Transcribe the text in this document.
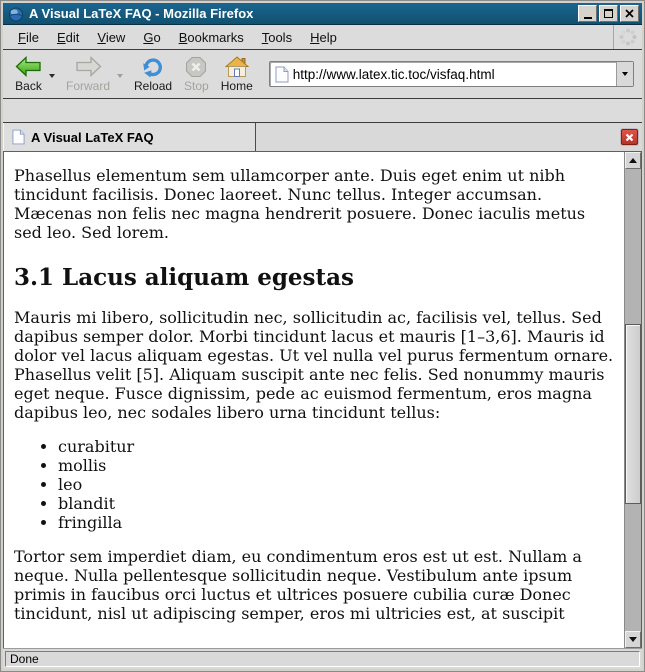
A Visual LaTeX FAQ - Mozilla Firefox
File	Edit	View	Go	Bookmarks	Tools	Help
Back Forward Reload Stop Home
http://www.latex.tic.toc/visfaq.html
A Visual LaTeX FAQ

Phasellus elementum sem ullamcorper ante. Duis eget enim ut nibh tincidunt facilisis. Donec laoreet. Nunc tellus. Integer accumsan. Mæcenas non felis nec magna hendrerit posuere. Donec iaculis metus sed leo. Sed lorem.

3.1 Lacus aliquam egestas

Mauris mi libero, sollicitudin nec, sollicitudin ac, facilisis vel, tellus. Sed dapibus semper dolor. Morbi tincidunt lacus et mauris [1–3,6]. Mauris id dolor vel lacus aliquam egestas. Ut vel nulla vel purus fermentum ornare. Phasellus velit [5]. Aliquam suscipit ante nec felis. Sed nonummy mauris eget neque. Fusce dignissim, pede ac euismod fermentum, eros magna dapibus leo, nec sodales libero urna tincidunt tellus:

• curabitur
• mollis
• leo
• blandit
• fringilla

Tortor sem imperdiet diam, eu condimentum eros est ut est. Nullam a neque. Nulla pellentesque sollicitudin neque. Vestibulum ante ipsum primis in faucibus orci luctus et ultrices posuere cubilia curæ Donec tincidunt, nisl ut adipiscing semper, eros mi ultricies est, at suscipit

Done
